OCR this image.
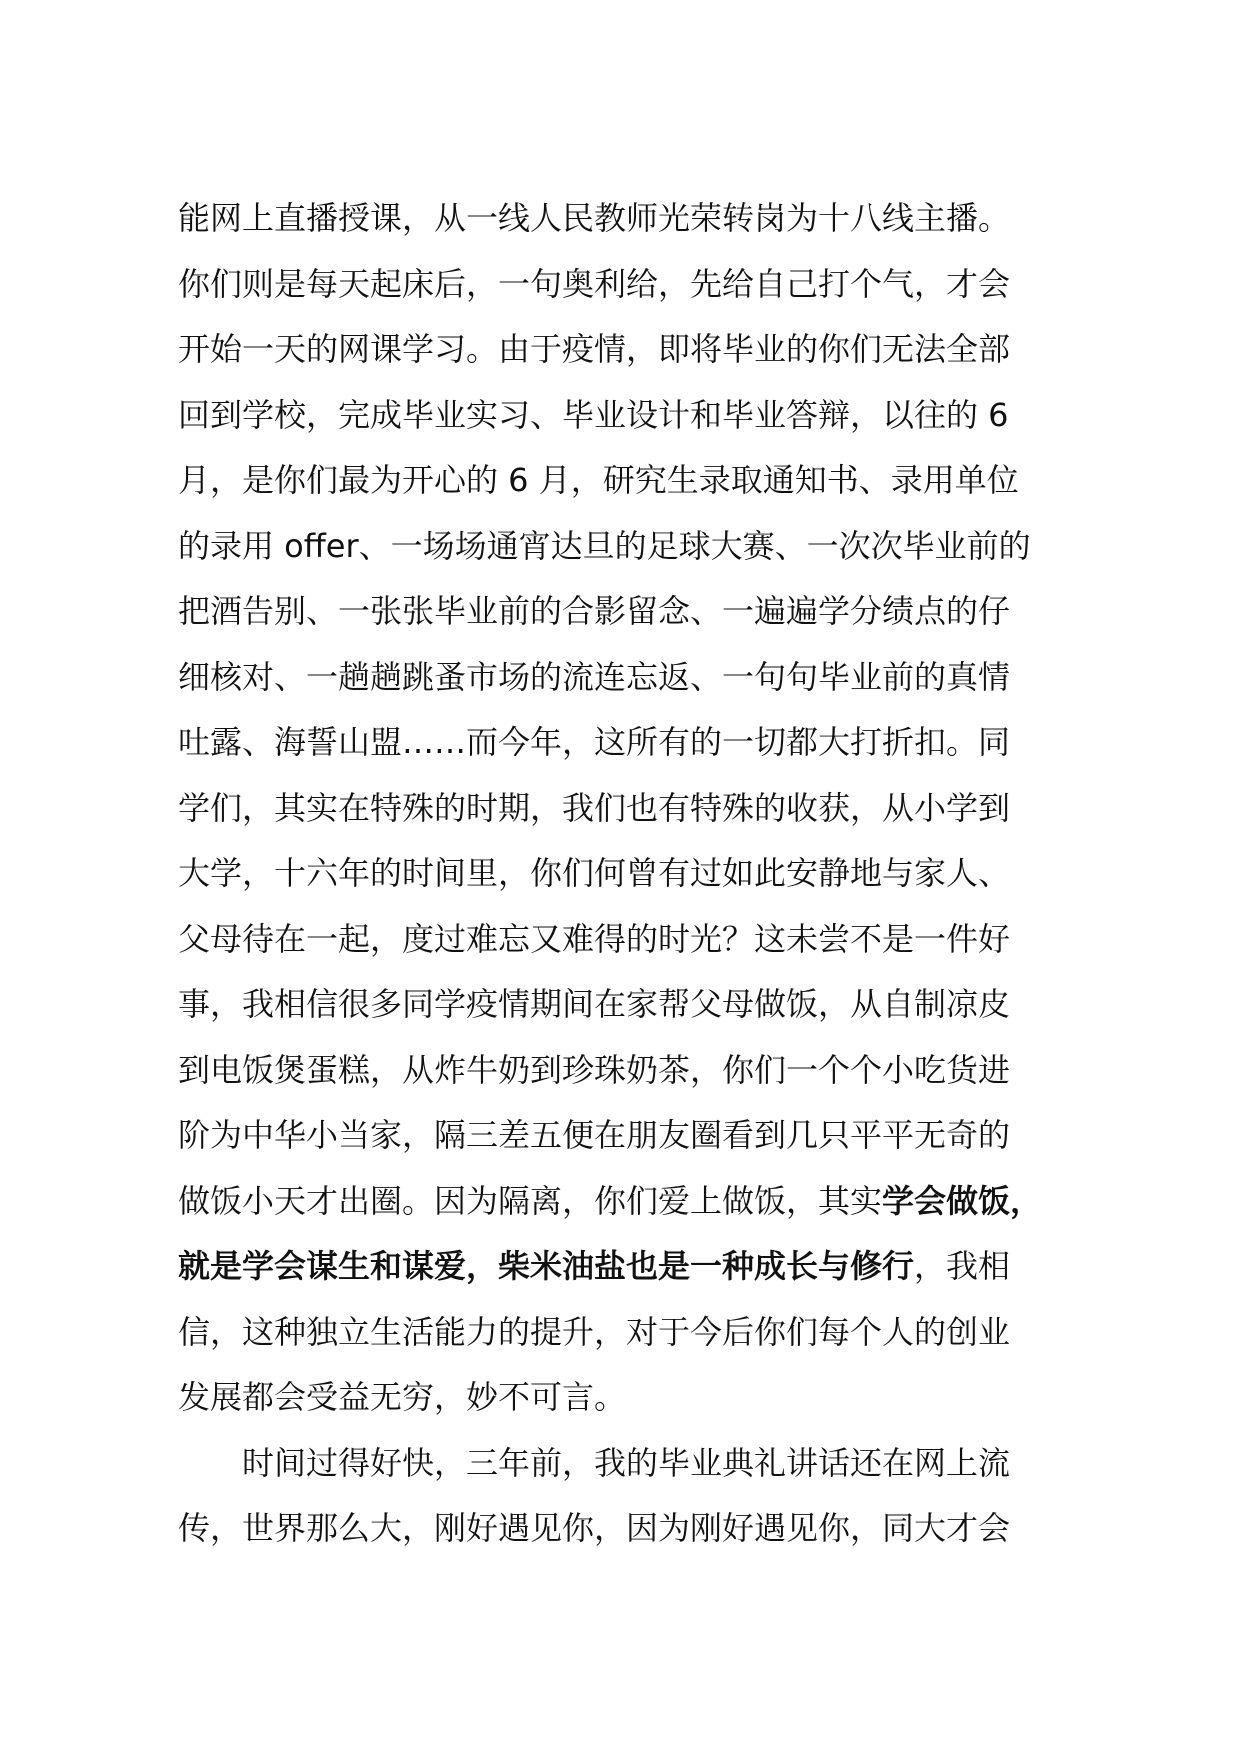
能网上直播授课，从一线人民教师光荣转岗为十八线主播。
你们则是每天起床后，一句奥利给，先给自己打个气，才会
开始一天的网课学习。由于疫情，即将毕业的你们无法全部
回到学校，完成毕业实习、毕业设计和毕业答辩，以往的 6
月，是你们最为开心的 6 月，研究生录取通知书、录用单位
的录用 offer、一场场通宵达旦的足球大赛、一次次毕业前的
把酒告别、一张张毕业前的合影留念、一遍遍学分绩点的仔
细核对、一趟趟跳蚤市场的流连忘返、一句句毕业前的真情
吐露、海誓山盟……而今年，这所有的一切都大打折扣。同
学们，其实在特殊的时期，我们也有特殊的收获，从小学到
大学，十六年的时间里，你们何曾有过如此安静地与家人、
父母待在一起，度过难忘又难得的时光？这未尝不是一件好
事，我相信很多同学疫情期间在家帮父母做饭，从自制凉皮
到电饭煲蛋糕，从炸牛奶到珍珠奶茶，你们一个个小吃货进
阶为中华小当家，隔三差五便在朋友圈看到几只平平无奇的
做饭小天才出圈。因为隔离，你们爱上做饭，其实学会做饭，
就是学会谋生和谋爱，柴米油盐也是一种成长与修行，我相
信，这种独立生活能力的提升，对于今后你们每个人的创业
发展都会受益无穷，妙不可言。
时间过得好快，三年前，我的毕业典礼讲话还在网上流
传，世界那么大，刚好遇见你，因为刚好遇见你，同大才会
